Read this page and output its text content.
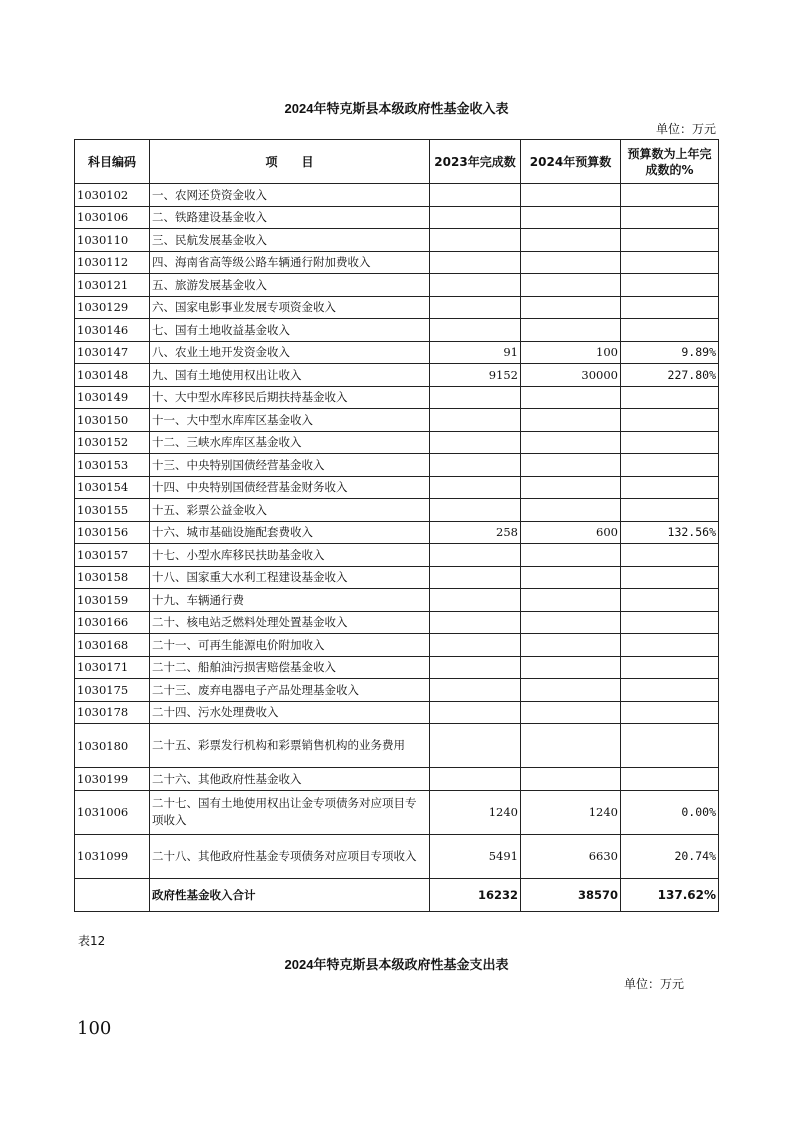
2024年特克斯县本级政府性基金收入表
单位：万元
科目编码	项　　目	2023年完成数	2024年预算数	预算数为上年完
成数的%

1030102	一、农网还贷资金收入			
1030106	二、铁路建设基金收入			
1030110	三、民航发展基金收入			
1030112	四、海南省高等级公路车辆通行附加费收入			
1030121	五、旅游发展基金收入			
1030129	六、国家电影事业发展专项资金收入			
1030146	七、国有土地收益基金收入			
1030147	八、农业土地开发资金收入	91	100	9.89%
1030148	九、国有土地使用权出让收入	9152	30000	227.80%
1030149	十、大中型水库移民后期扶持基金收入			
1030150	十一、大中型水库库区基金收入			
1030152	十二、三峡水库库区基金收入			
1030153	十三、中央特别国债经营基金收入			
1030154	十四、中央特别国债经营基金财务收入			
1030155	十五、彩票公益金收入			
1030156	十六、城市基础设施配套费收入	258	600	132.56%
1030157	十七、小型水库移民扶助基金收入			
1030158	十八、国家重大水利工程建设基金收入			
1030159	十九、车辆通行费			
1030166	二十、核电站乏燃料处理处置基金收入			
1030168	二十一、可再生能源电价附加收入			
1030171	二十二、船舶油污损害赔偿基金收入			
1030175	二十三、废弃电器电子产品处理基金收入			
1030178	二十四、污水处理费收入			
1030180	二十五、彩票发行机构和彩票销售机构的业务费用			
1030199	二十六、其他政府性基金收入			
1031006	二十七、国有土地使用权出让金专项债务对应项目专项收入	1240	1240	0.00%
1031099	二十八、其他政府性基金专项债务对应项目专项收入	5491	6630	20.74%
	政府性基金收入合计	16232	38570	137.62%
表12
2024年特克斯县本级政府性基金支出表
单位：万元
100
